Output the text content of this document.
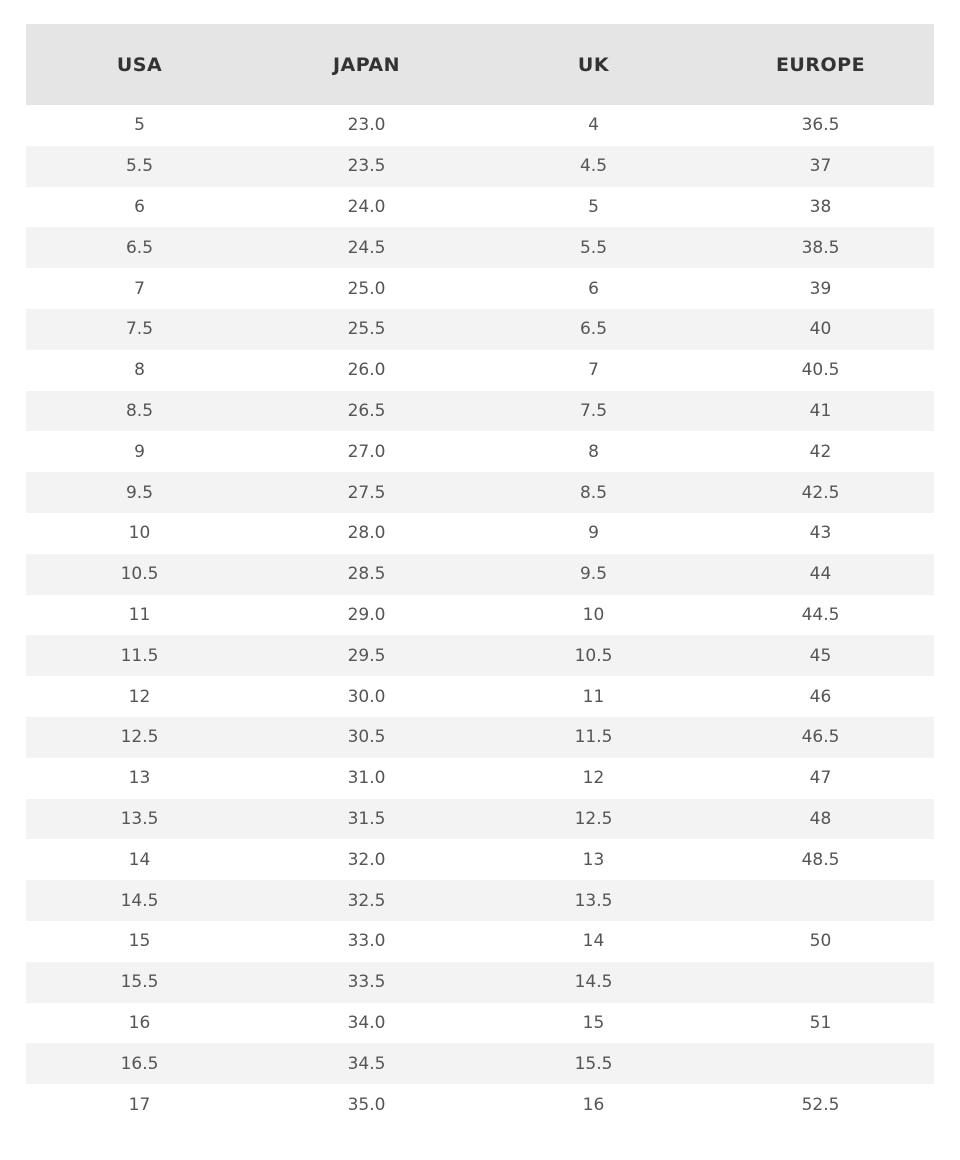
USA	JAPAN	UK	EUROPE
5	23.0	4	36.5
5.5	23.5	4.5	37
6	24.0	5	38
6.5	24.5	5.5	38.5
7	25.0	6	39
7.5	25.5	6.5	40
8	26.0	7	40.5
8.5	26.5	7.5	41
9	27.0	8	42
9.5	27.5	8.5	42.5
10	28.0	9	43
10.5	28.5	9.5	44
11	29.0	10	44.5
11.5	29.5	10.5	45
12	30.0	11	46
12.5	30.5	11.5	46.5
13	31.0	12	47
13.5	31.5	12.5	48
14	32.0	13	48.5
14.5	32.5	13.5
15	33.0	14	50
15.5	33.5	14.5
16	34.0	15	51
16.5	34.5	15.5
17	35.0	16	52.5
